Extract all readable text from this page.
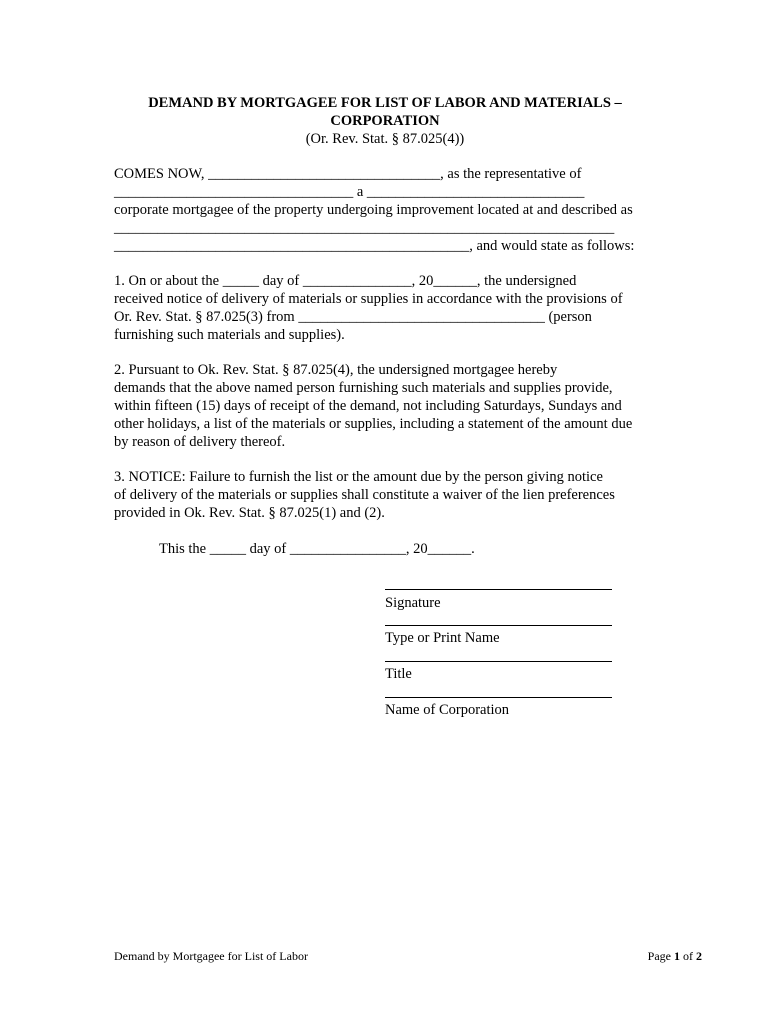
DEMAND BY MORTGAGEE FOR LIST OF LABOR AND MATERIALS –
CORPORATION
(Or. Rev. Stat. § 87.025(4))
COMES NOW, ________________________________, as the representative of
_________________________________ a ______________________________
corporate mortgagee of the property undergoing improvement located at and described as
_____________________________________________________________________
_________________________________________________, and would state as follows:
1. On or about the _____ day of _______________, 20______, the undersigned
received notice of delivery of materials or supplies in accordance with the provisions of
Or. Rev. Stat. § 87.025(3) from __________________________________ (person
furnishing such materials and supplies).
2. Pursuant to Ok. Rev. Stat. § 87.025(4), the undersigned mortgagee hereby
demands that the above named person furnishing such materials and supplies provide,
within fifteen (15) days of receipt of the demand, not including Saturdays, Sundays and
other holidays, a list of the materials or supplies, including a statement of the amount due
by reason of delivery thereof.
3. NOTICE: Failure to furnish the list or the amount due by the person giving notice
of delivery of the materials or supplies shall constitute a waiver of the lien preferences
provided in Ok. Rev. Stat. § 87.025(1) and (2).
This the _____ day of ________________, 20______.
Signature
Type or Print Name
Title
Name of Corporation
Demand by Mortgagee for List of Labor	Page 1 of 2
